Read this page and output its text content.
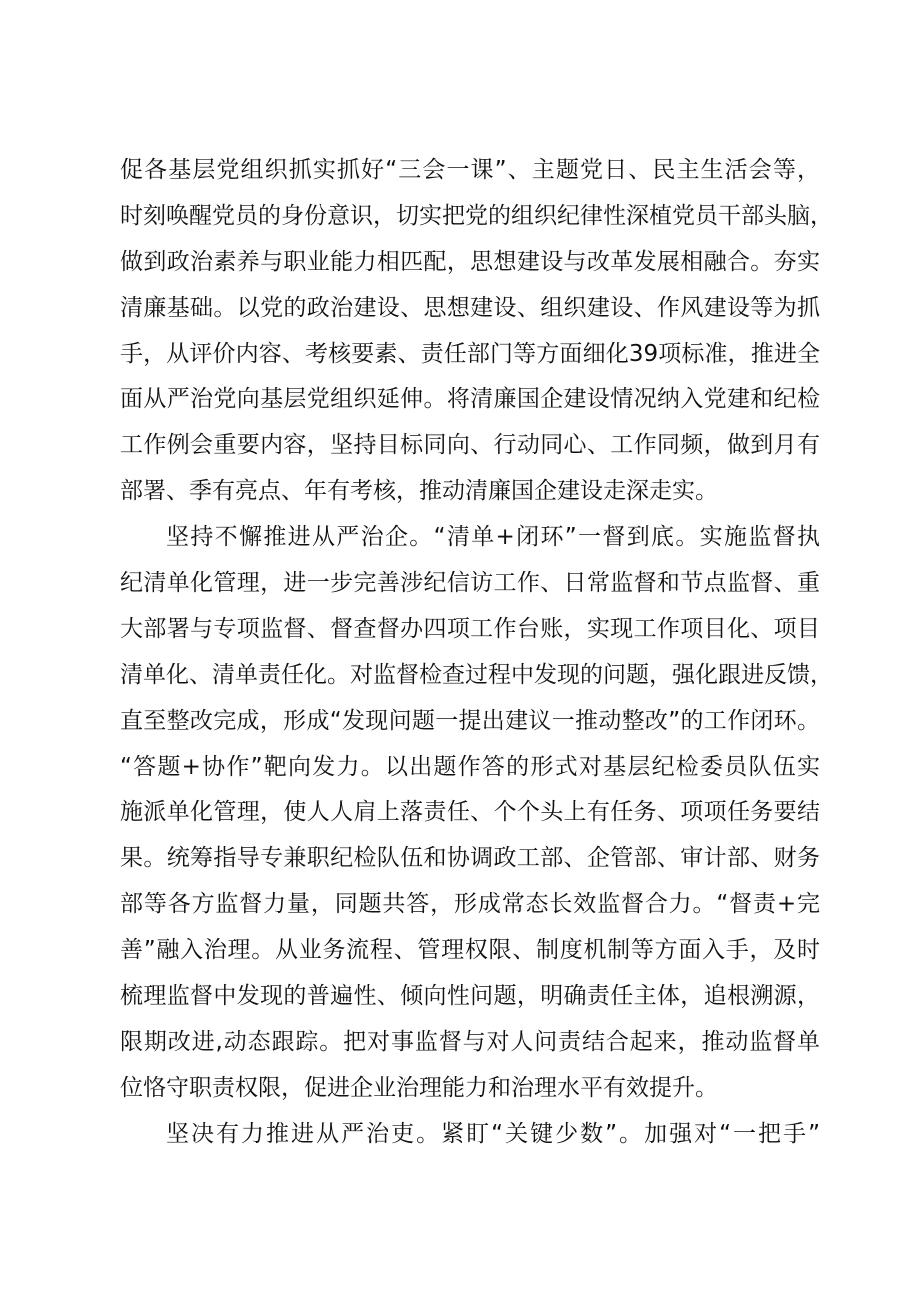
促各基层党组织抓实抓好“三会一课”、主题党日、民主生活会等，
时刻唤醒党员的身份意识，切实把党的组织纪律性深植党员干部头脑，
做到政治素养与职业能力相匹配，思想建设与改革发展相融合。夯实
清廉基础。以党的政治建设、思想建设、组织建设、作风建设等为抓
手，从评价内容、考核要素、责任部门等方面细化39项标准，推进全
面从严治党向基层党组织延伸。将清廉国企建设情况纳入党建和纪检
工作例会重要内容，坚持目标同向、行动同心、工作同频，做到月有
部署、季有亮点、年有考核，推动清廉国企建设走深走实。
坚持不懈推进从严治企。“清单+闭环”一督到底。实施监督执
纪清单化管理，进一步完善涉纪信访工作、日常监督和节点监督、重
大部署与专项监督、督查督办四项工作台账，实现工作项目化、项目
清单化、清单责任化。对监督检查过程中发现的问题，强化跟进反馈，
直至整改完成，形成“发现问题一提出建议一推动整改”的工作闭环。
“答题+协作”靶向发力。以出题作答的形式对基层纪检委员队伍实
施派单化管理，使人人肩上落责任、个个头上有任务、项项任务要结
果。统筹指导专兼职纪检队伍和协调政工部、企管部、审计部、财务
部等各方监督力量，同题共答，形成常态长效监督合力。“督责+完
善”融入治理。从业务流程、管理权限、制度机制等方面入手，及时
梳理监督中发现的普遍性、倾向性问题，明确责任主体，追根溯源，
限期改进,动态跟踪。把对事监督与对人问责结合起来，推动监督单
位恪守职责权限，促进企业治理能力和治理水平有效提升。
坚决有力推进从严治吏。紧盯“关键少数”。加强对“一把手”
